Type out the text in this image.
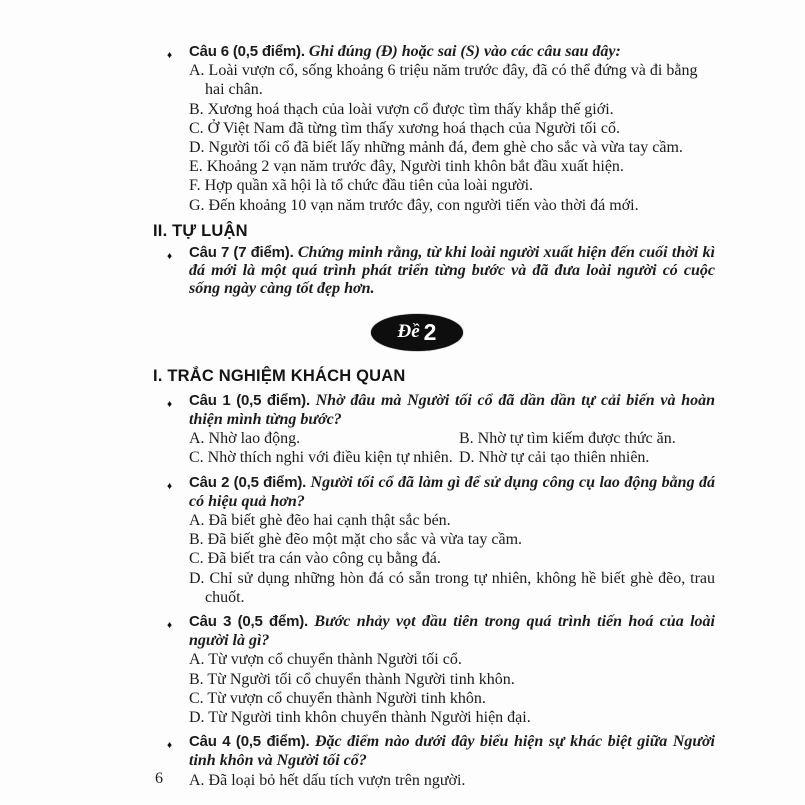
♦ Câu 6 (0,5 điểm). Ghi đúng (Đ) hoặc sai (S) vào các câu sau đây:

A. Loài vượn cổ, sống khoảng 6 triệu năm trước đây, đã có thể đứng và đi bằng hai chân.

B. Xương hoá thạch của loài vượn cổ được tìm thấy khắp thế giới.

C. Ở Việt Nam đã từng tìm thấy xương hoá thạch của Người tối cổ.

D. Người tối cổ đã biết lấy những mảnh đá, đem ghè cho sắc và vừa tay cầm.

E. Khoảng 2 vạn năm trước đây, Người tinh khôn bắt đầu xuất hiện.

F. Hợp quần xã hội là tổ chức đầu tiên của loài người.

G. Đến khoảng 10 vạn năm trước đây, con người tiến vào thời đá mới.

II. TỰ LUẬN

♦ Câu 7 (7 điểm). Chứng minh rằng, từ khi loài người xuất hiện đến cuối thời kì đá mới là một quá trình phát triển từng bước và đã đưa loài người có cuộc sống ngày càng tốt đẹp hơn.

Đề 2
I. TRẮC NGHIỆM KHÁCH QUAN

♦ Câu 1 (0,5 điểm). Nhờ đâu mà Người tối cổ đã dần dần tự cải biến và hoàn thiện mình từng bước?

A. Nhờ lao động.	B. Nhờ tự tìm kiếm được thức ăn.

C. Nhờ thích nghi với điều kiện tự nhiên. D. Nhờ tự cải tạo thiên nhiên.

♦ Câu 2 (0,5 điểm). Người tối cổ đã làm gì để sử dụng công cụ lao động bằng đá có hiệu quả hơn?

A. Đã biết ghè đẽo hai cạnh thật sắc bén.

B. Đã biết ghè đẽo một mặt cho sắc và vừa tay cầm.

C. Đã biết tra cán vào công cụ bằng đá.

D. Chỉ sử dụng những hòn đá có sẵn trong tự nhiên, không hề biết ghè đẽo, trau chuốt.

♦ Câu 3 (0,5 đểm). Bước nhảy vọt đầu tiên trong quá trình tiến hoá của loài người là gì?

A. Từ vượn cổ chuyển thành Người tối cổ.

B. Từ Người tối cổ chuyển thành Người tinh khôn.

C. Từ vượn cổ chuyển thành Người tinh khôn.

D. Từ Người tinh khôn chuyển thành Người hiện đại.

♦ Câu 4 (0,5 điểm). Đặc điểm nào dưới đây biểu hiện sự khác biệt giữa Người tinh khôn và Người tối cổ?

A. Đã loại bỏ hết dấu tích vượn trên người.

6
